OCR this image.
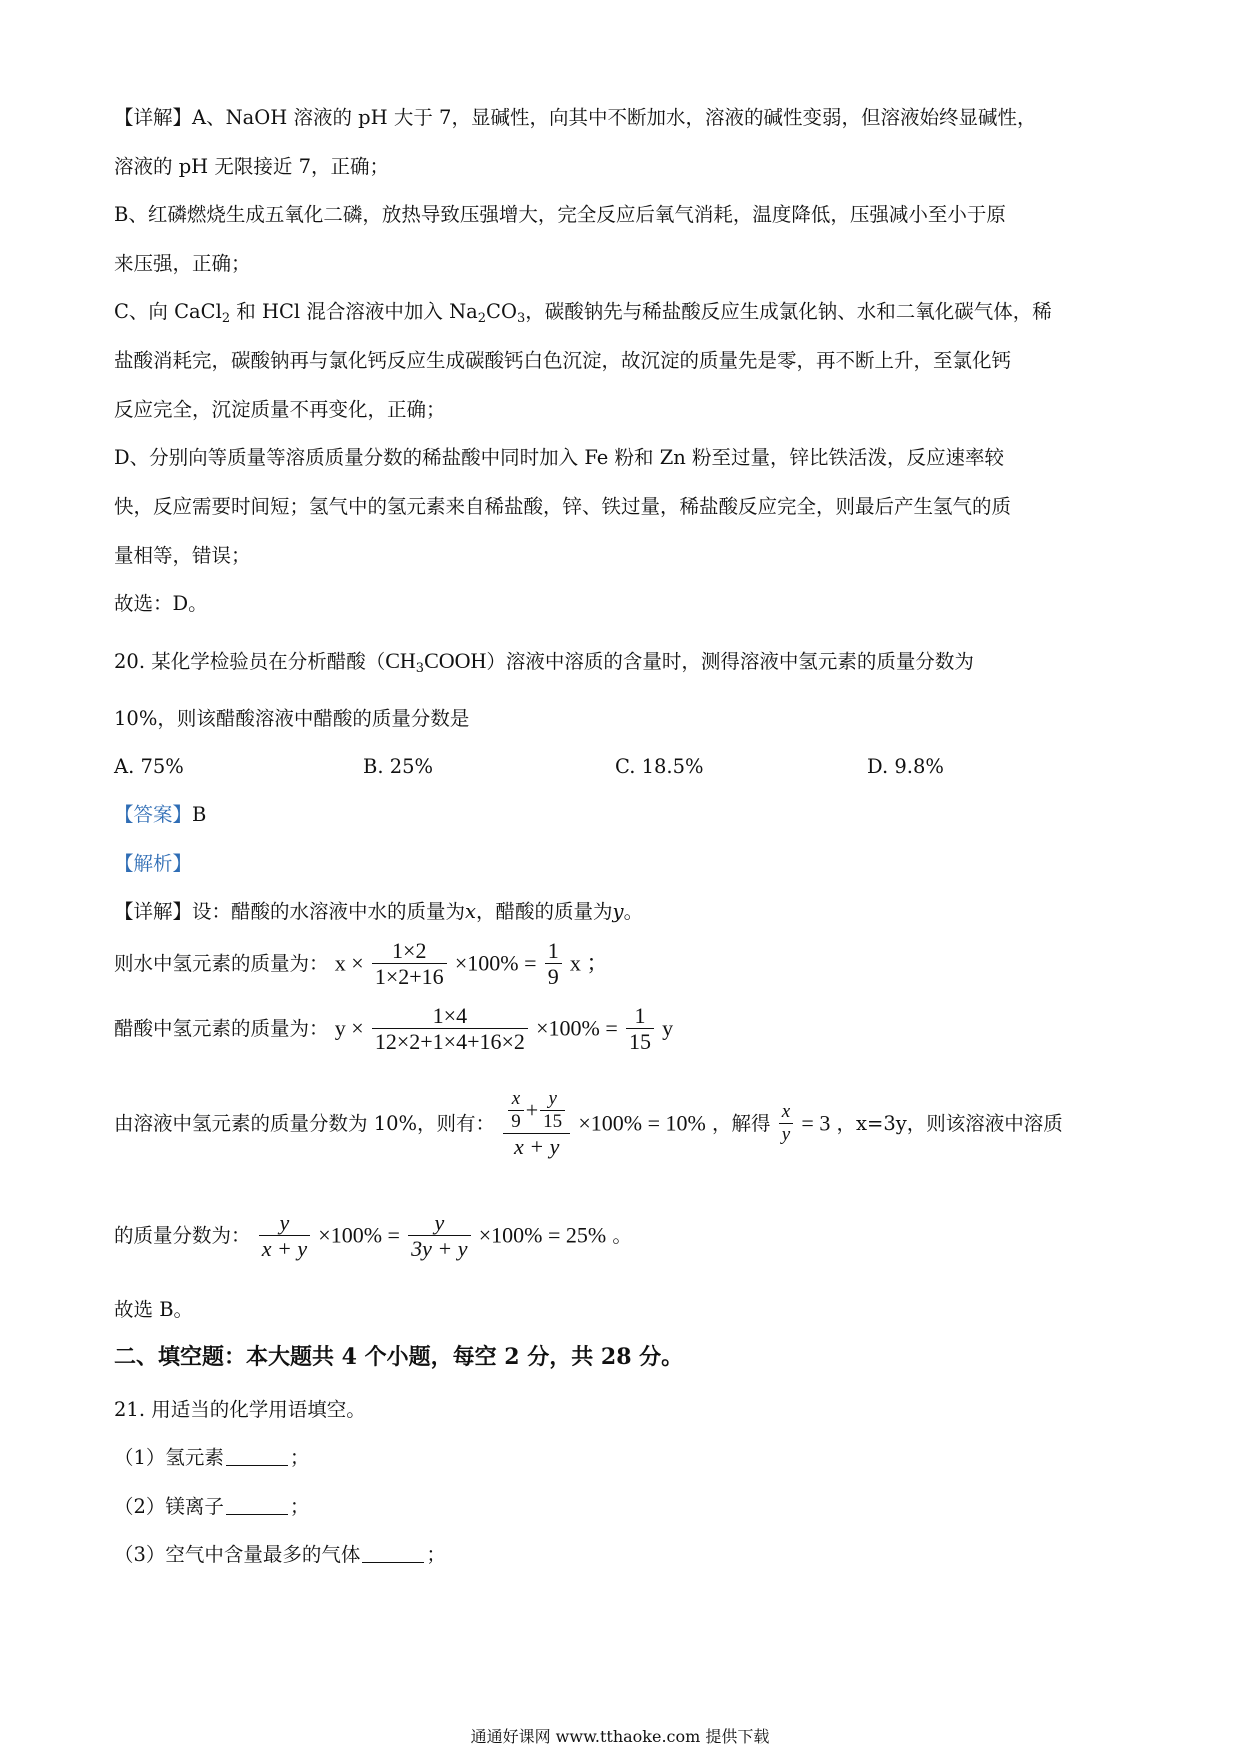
【详解】A、NaOH 溶液的 pH 大于 7，显碱性，向其中不断加水，溶液的碱性变弱，但溶液始终显碱性，
溶液的 pH 无限接近 7，正确；
B、红磷燃烧生成五氧化二磷，放热导致压强增大，完全反应后氧气消耗，温度降低，压强减小至小于原
来压强，正确；
C、向 CaCl$_2$ 和 HCl 混合溶液中加入 $Na_2CO_3$，碳酸钠先与稀盐酸反应生成氯化钠、水和二氧化碳气体，稀
盐酸消耗完，碳酸钠再与氯化钙反应生成碳酸钙白色沉淀，故沉淀的质量先是零，再不断上升，至氯化钙
反应完全，沉淀质量不再变化，正确；
D、分别向等质量等溶质质量分数的稀盐酸中同时加入 Fe 粉和 Zn 粉至过量，锌比铁活泼，反应速率较
快，反应需要时间短；氢气中的氢元素来自稀盐酸，锌、铁过量，稀盐酸反应完全，则最后产生氢气的质
量相等，错误；
故选：D。
20. 某化学检验员在分析醋酸$(CH_3COOH)$溶液中溶质的含量时，测得溶液中氢元素的质量分数为
10%，则该醋酸溶液中醋酸的质量分数是
A. 75%	B. 25%	C. 18.5%	D. 9.8%
【答案】B
【解析】
【详解】设：醋酸的水溶液中水的质量为x，醋酸的质量为y。
则水中氢元素的质量为： $x \times \frac{1\times 2}{1\times 2+16} \times 100\% = \frac{1}{9}$ x ；
醋酸中氢元素的质量为： $y \times \frac{1\times 4}{12\times 2+1\times 4+16\times 2} \times 100\% = \frac{1}{15}$ y
由溶液中氢元素的质量分数为 10%，则有： $\frac{\frac{x}{9} + \frac{y}{15}}{x + y} \times 100\% = 10\%$ ，解得 $\frac{x}{y} = 3$ ，x=3y，则该溶液中溶质
的质量分数为： $\frac{y}{x + y} \times 100\% = \frac{y}{3y + y} \times 100\% = 25\%$ 。
故选 B。
二、填空题：本大题共 4 个小题，每空 2 分，共 28 分。
21. 用适当的化学用语填空。
（1）氢元素	；
（2）镁离子	；
（3）空气中含量最多的气体	；
通通好课网 www.tthaoke.com 提供下载
